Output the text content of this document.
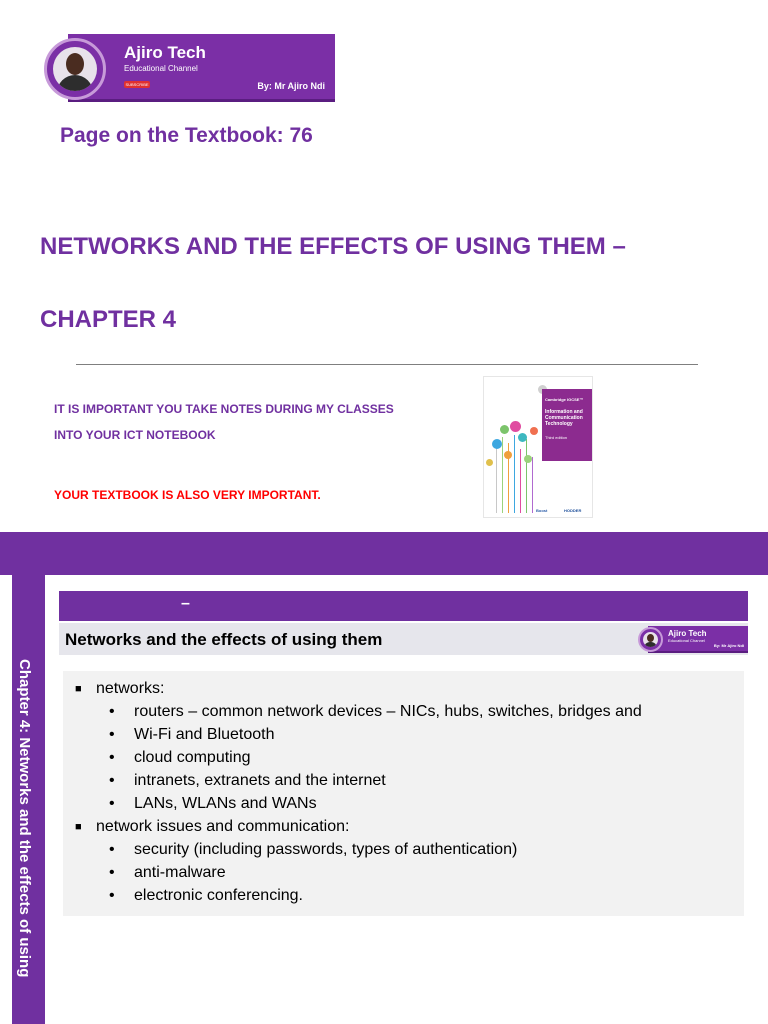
Ajiro Tech
Educational Channel
SUBSCRIBE	By: Mr Ajiro Ndi
Page on the Textbook: 76
NETWORKS AND THE EFFECTS OF USING THEM –
CHAPTER 4
IT IS IMPORTANT YOU TAKE NOTES DURING MY CLASSES
INTO YOUR ICT NOTEBOOK
YOUR TEXTBOOK IS ALSO VERY IMPORTANT.
Cambridge IGCSE™
Information and Communication Technology
Third edition
Boost	HODDER
Chapter 4: Networks and the effects of using
–
Networks and the effects of using them	Ajiro Tech
Educational Channel
By: Mr Ajiro Ndi
■ networks:
• routers – common network devices – NICs, hubs, switches, bridges and
• Wi-Fi and Bluetooth
• cloud computing
• intranets, extranets and the internet
• LANs, WLANs and WANs
■ network issues and communication:
• security (including passwords, types of authentication)
• anti-malware
• electronic conferencing.
